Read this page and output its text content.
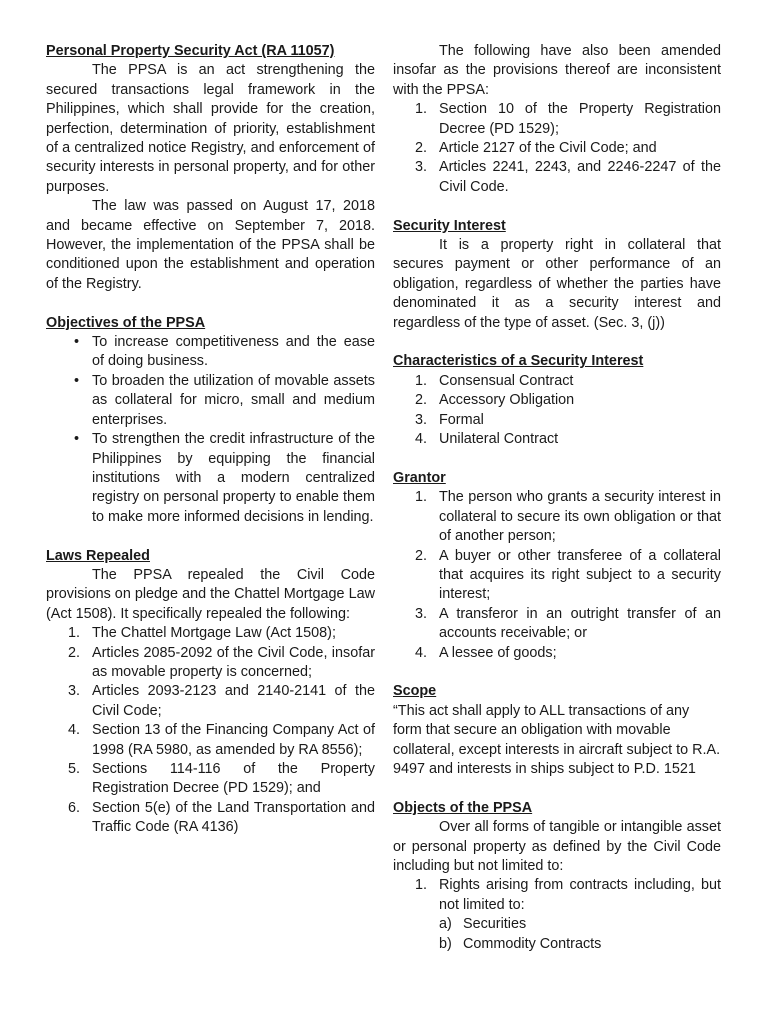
Personal Property Security Act (RA 11057)

The PPSA is an act strengthening the secured transactions legal framework in the Philippines, which shall provide for the creation, perfection, determination of priority, establishment of a centralized notice Registry, and enforcement of security interests in personal property, and for other purposes.

The law was passed on August 17, 2018 and became effective on September 7, 2018. However, the implementation of the PPSA shall be conditioned upon the establishment and operation of the Registry.

Objectives of the PPSA
• To increase competitiveness and the ease of doing business.
• To broaden the utilization of movable assets as collateral for micro, small and medium enterprises.
• To strengthen the credit infrastructure of the Philippines by equipping the financial institutions with a modern centralized registry on personal property to enable them to make more informed decisions in lending.
Laws Repealed

The PPSA repealed the Civil Code provisions on pledge and the Chattel Mortgage Law (Act 1508). It specifically repealed the following:

1. The Chattel Mortgage Law (Act 1508);
2. Articles 2085-2092 of the Civil Code, insofar as movable property is concerned;
3. Articles 2093-2123 and 2140-2141 of the Civil Code;
4. Section 13 of the Financing Company Act of 1998 (RA 5980, as amended by RA 8556);
5. Sections 114-116 of the Property Registration Decree (PD 1529); and
6. Section 5(e) of the Land Transportation and Traffic Code (RA 4136)

The following have also been amended insofar as the provisions thereof are inconsistent with the PPSA:

1. Section 10 of the Property Registration Decree (PD 1529);
2. Article 2127 of the Civil Code; and
3. Articles 2241, 2243, and 2246-2247 of the Civil Code.
Security Interest

It is a property right in collateral that secures payment or other performance of an obligation, regardless of whether the parties have denominated it as a security interest and regardless of the type of asset. (Sec. 3, (j))

Characteristics of a Security Interest
1. Consensual Contract
2. Accessory Obligation
3. Formal
4. Unilateral Contract
Grantor
1. The person who grants a security interest in collateral to secure its own obligation or that of another person;
2. A buyer or other transferee of a collateral that acquires its right subject to a security interest;
3. A transferor in an outright transfer of an accounts receivable; or
4. A lessee of goods;
Scope

“This act shall apply to ALL transactions of any form that secure an obligation with movable collateral, except interests in aircraft subject to R.A. 9497 and interests in ships subject to P.D. 1521

Objects of the PPSA

Over all forms of tangible or intangible asset or personal property as defined by the Civil Code including but not limited to:

1. Rights arising from contracts including, but not limited to:
a) Securities
b) Commodity Contracts
